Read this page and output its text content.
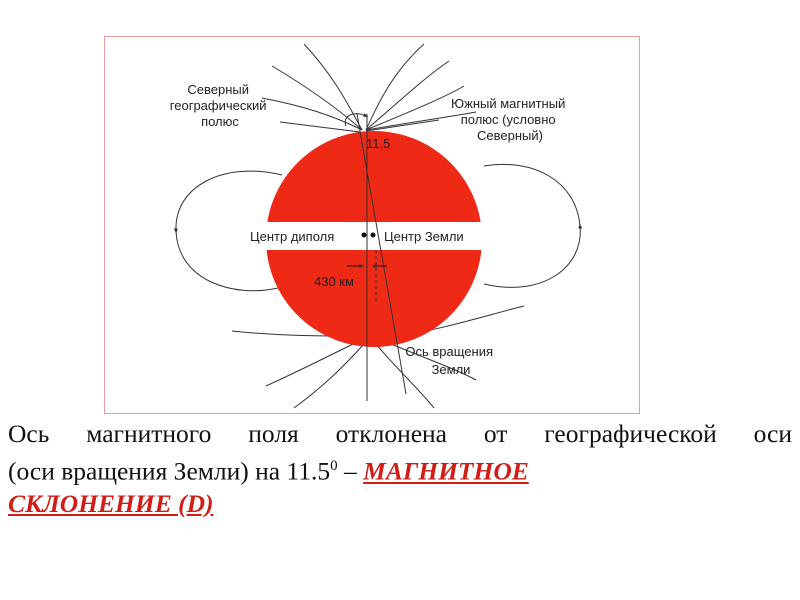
Северный географический полюс
Южный магнитный полюс (условно Северный)
11,5
Центр диполя	Центр Земли
430 км
Ось вращения Земли
Ось магнитного поля отклонена от географической оси
(оси вращения Земли) на 11.5$^0$ – МАГНИТНОЕ
СКЛОНЕНИЕ (D)
